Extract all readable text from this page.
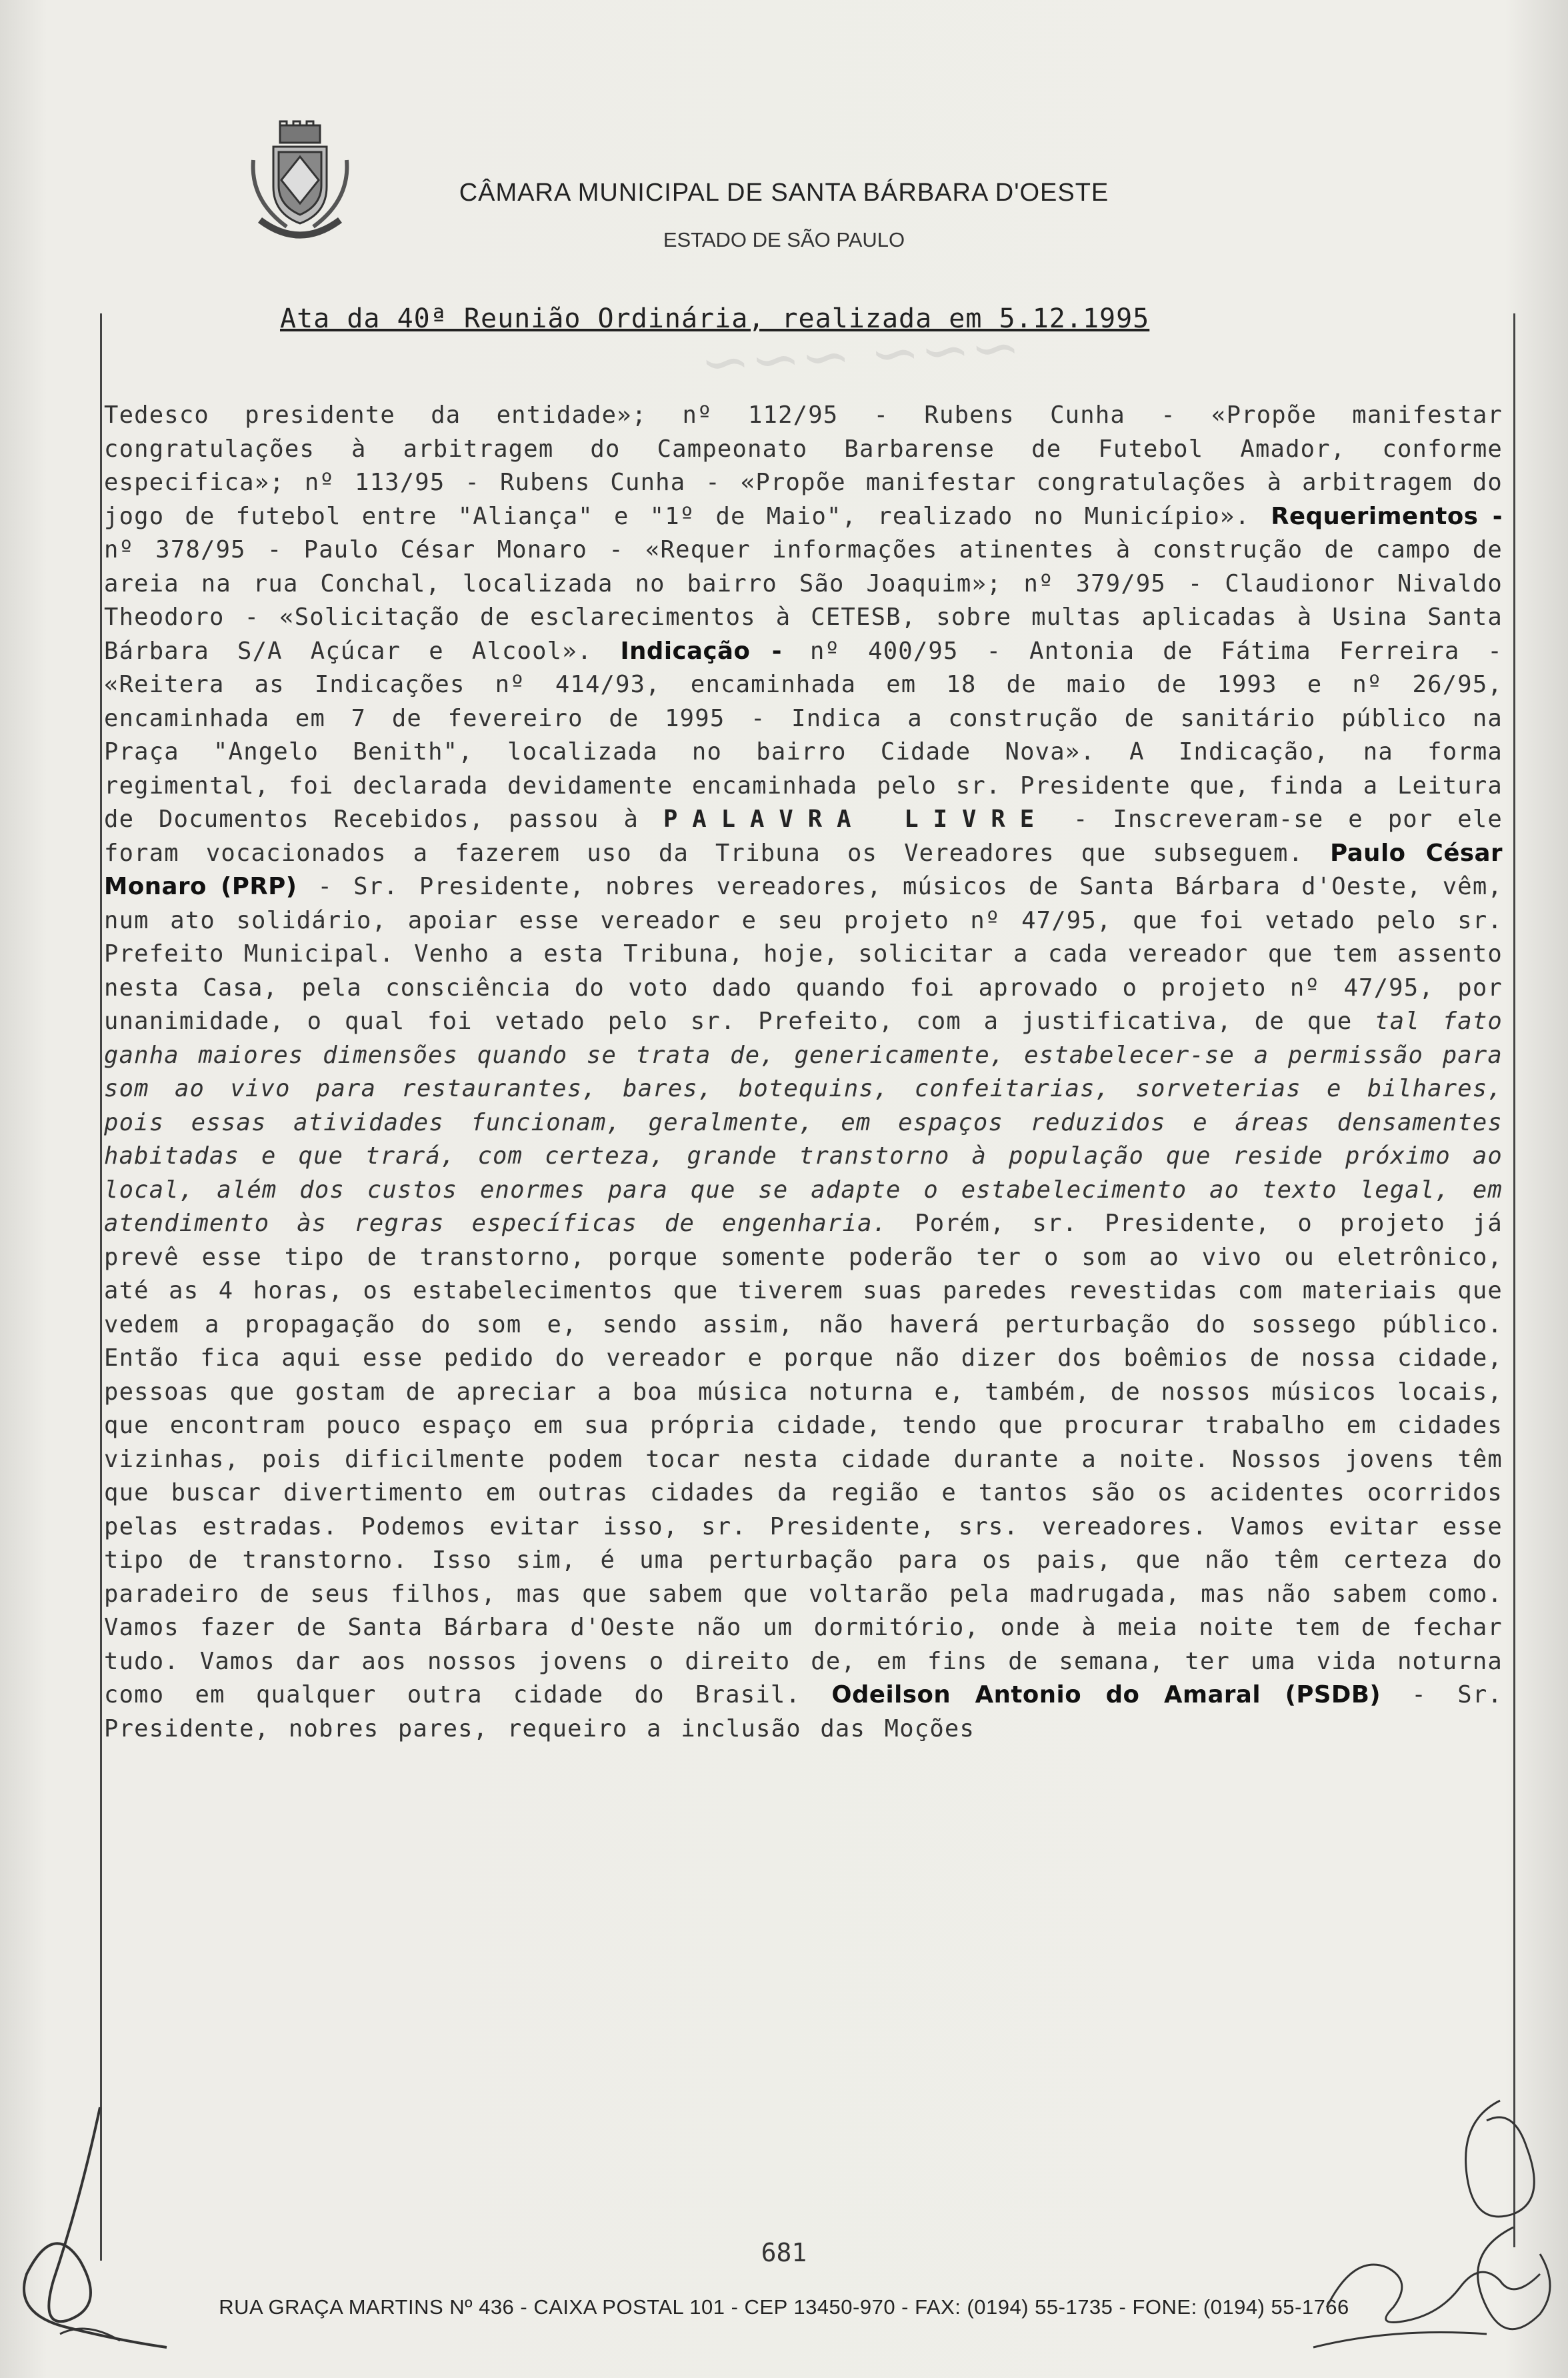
CÂMARA MUNICIPAL DE SANTA BÁRBARA D'OESTE
ESTADO DE SÃO PAULO
∽∽∽ ∽∽∽
Ata da 40ª Reunião Ordinária, realizada em 5.12.1995
Tedesco presidente da entidade»; nº 112/95 - Rubens Cunha - «Propõe manifestar congratulações à arbitragem do Campeonato Barbarense de Futebol Amador, conforme especifica»; nº 113/95 - Rubens Cunha - «Propõe manifestar congratulações à arbitragem do jogo de futebol entre "Aliança" e "1º de Maio", realizado no Município». Requerimentos - nº 378/95 - Paulo César Monaro - «Requer informações atinentes à construção de campo de areia na rua Conchal, localizada no bairro São Joaquim»; nº 379/95 - Claudionor Nivaldo Theodoro - «Solicitação de esclarecimentos à CETESB, sobre multas aplicadas à Usina Santa Bárbara S/A Açúcar e Alcool». Indicação - nº 400/95 - Antonia de Fátima Ferreira - «Reitera as Indicações nº 414/93, encaminhada em 18 de maio de 1993 e nº 26/95, encaminhada em 7 de fevereiro de 1995 - Indica a construção de sanitário público na Praça "Angelo Benith", localizada no bairro Cidade Nova». A Indicação, na forma regimental, foi declarada devidamente encaminhada pelo sr. Presidente que, finda a Leitura de Documentos Recebidos, passou à PALAVRA LIVRE - Inscreveram-se e por ele foram vocacionados a fazerem uso da Tribuna os Vereadores que subseguem. Paulo César Monaro (PRP) - Sr. Presidente, nobres vereadores, músicos de Santa Bárbara d'Oeste, vêm, num ato solidário, apoiar esse vereador e seu projeto nº 47/95, que foi vetado pelo sr. Prefeito Municipal. Venho a esta Tribuna, hoje, solicitar a cada vereador que tem assento nesta Casa, pela consciência do voto dado quando foi aprovado o projeto nº 47/95, por unanimidade, o qual foi vetado pelo sr. Prefeito, com a justificativa, de que tal fato ganha maiores dimensões quando se trata de, genericamente, estabelecer-se a permissão para som ao vivo para restaurantes, bares, botequins, confeitarias, sorveterias e bilhares, pois essas atividades funcionam, geralmente, em espaços reduzidos e áreas densamentes habitadas e que trará, com certeza, grande transtorno à população que reside próximo ao local, além dos custos enormes para que se adapte o estabelecimento ao texto legal, em atendimento às regras específicas de engenharia. Porém, sr. Presidente, o projeto já prevê esse tipo de transtorno, porque somente poderão ter o som ao vivo ou eletrônico, até as 4 horas, os estabelecimentos que tiverem suas paredes revestidas com materiais que vedem a propagação do som e, sendo assim, não haverá perturbação do sossego público. Então fica aqui esse pedido do vereador e porque não dizer dos boêmios de nossa cidade, pessoas que gostam de apreciar a boa música noturna e, também, de nossos músicos locais, que encontram pouco espaço em sua própria cidade, tendo que procurar trabalho em cidades vizinhas, pois dificilmente podem tocar nesta cidade durante a noite. Nossos jovens têm que buscar divertimento em outras cidades da região e tantos são os acidentes ocorridos pelas estradas. Podemos evitar isso, sr. Presidente, srs. vereadores. Vamos evitar esse tipo de transtorno. Isso sim, é uma perturbação para os pais, que não têm certeza do paradeiro de seus filhos, mas que sabem que voltarão pela madrugada, mas não sabem como. Vamos fazer de Santa Bárbara d'Oeste não um dormitório, onde à meia noite tem de fechar tudo. Vamos dar aos nossos jovens o direito de, em fins de semana, ter uma vida noturna como em qualquer outra cidade do Brasil. Odeilson Antonio do Amaral (PSDB) - Sr. Presidente, nobres pares, requeiro a inclusão das Moções
681
RUA GRAÇA MARTINS Nº 436 - CAIXA POSTAL 101 - CEP 13450-970 - FAX: (0194) 55-1735 - FONE: (0194) 55-1766
